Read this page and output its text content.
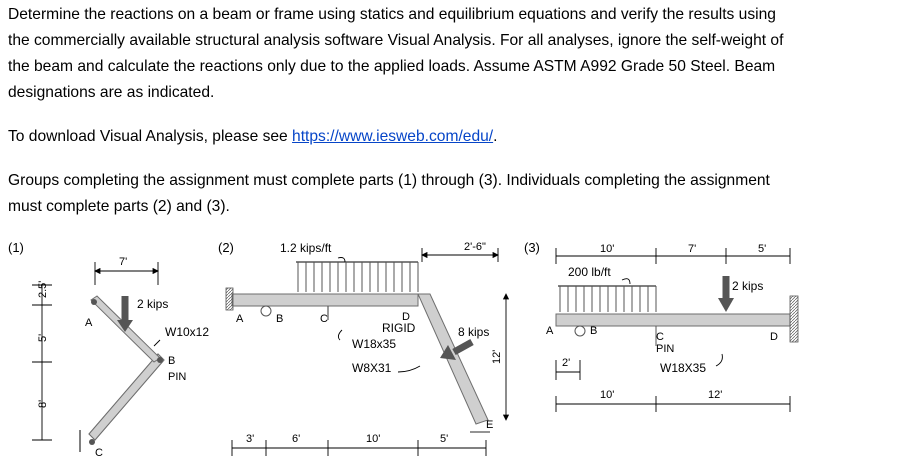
Determine the reactions on a beam or frame using statics and equilibrium equations and verify the results using the commercially available structural analysis software Visual Analysis. For all analyses, ignore the self-weight of the beam and calculate the reactions only due to the applied loads. Assume ASTM A992 Grade 50 Steel. Beam designations are as indicated.

To download Visual Analysis, please see https://www.iesweb.com/edu/.

Groups completing the assignment must complete parts (1) through (3). Individuals completing the assignment must complete parts (2) and (3).

(1)
7'
2.5'
5'
8'
2 kips
A
B
W10x12
PIN
C
(2)	1.2 kips/ft	2'-6"
A	B	C	D
RIGID
W18x35
W8X31
8 kips
E
12'
3'	6'	10'	5'
(3)	10'	7'	5'
200 lb/ft
2 kips
A	B	C
PIN
D
2'	W18X35
10'	12'
